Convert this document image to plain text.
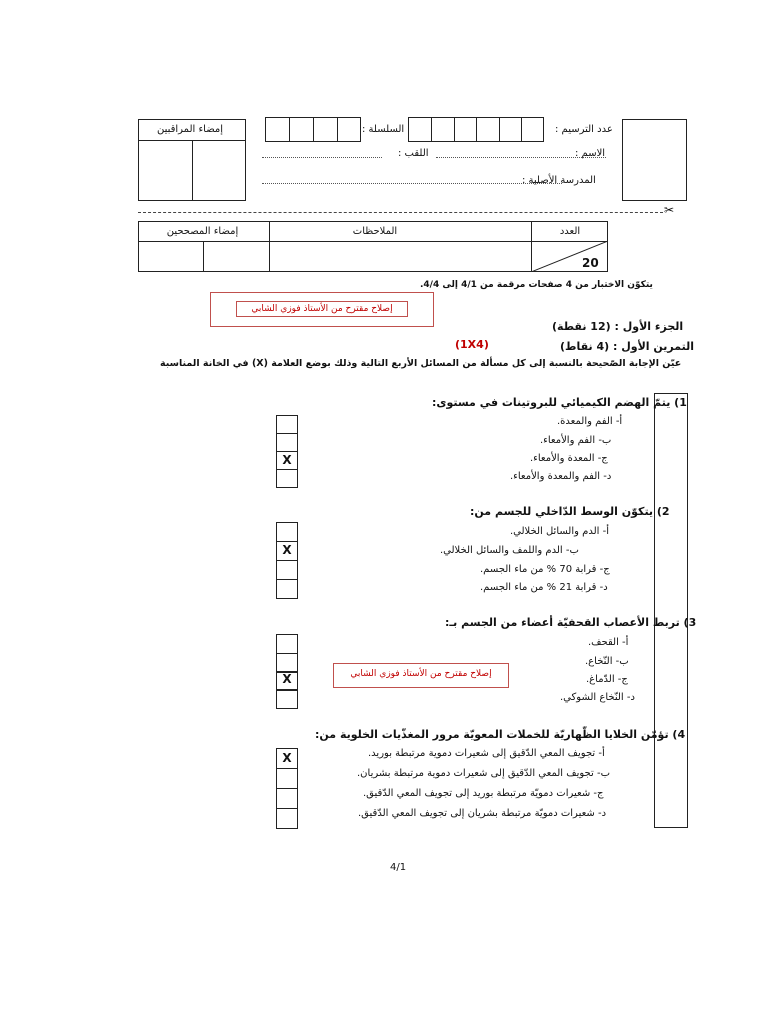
إمضاء المراقبين	السلسلة :	عدد الترسيم :
الاسم :
اللقب :
المدرسة الأصلية :
✂
إمضاء المصححين	الملاحظات	العدد
20
يتكوّن الاختبار من 4 صفحات مرقمة من 4/1 إلى 4/4.
إصلاح مقترح من الأستاذ فوزي الشابي
الجزء الأول : (12 نقطة)
التمرين الأول : (4 نقاط)
(1X4)
عيّن الإجابة الصّحيحة بالنسبة إلى كل مسألة من المسائل الأربع التالية وذلك بوضع العلامة (X) في الخانة المناسبة
1) يتمّ الهضم الكيميائي للبروتينات في مستوى:
أ- الفم والمعدة.
ب- الفم والأمعاء.
ج- المعدة والأمعاء.
د- الفم والمعدة والأمعاء.
X
2) يتكوّن الوسط الدّاخلي للجسم من:
أ- الدم والسائل الخلالي.
ب- الدم واللمف والسائل الخلالي.
ج- قرابة 70 % من ماء الجسم.
د- قرابة 21 % من ماء الجسم.
X
3) تربط الأعصاب القحفيّة أعضاء من الجسم بـ:
أ- القحف.
ب- النّخاع.
ج- الدّماغ.
د- النّخاع الشوكي.
X	إصلاح مقترح من الأستاذ فوزي الشابي
4) تؤمّن الخلايا الظّهاريّة للخملات المعويّة مرور المغذّيات الخلوية من:
أ- تجويف المعي الدّقيق إلى شعيرات دموية مرتبطة بوريد.
ب- تجويف المعي الدّقيق إلى شعيرات دموية مرتبطة بشريان.
ج- شعيرات دمويّة مرتبطة بوريد إلى تجويف المعي الدّقيق.
د- شعيرات دمويّة مرتبطة بشريان إلى تجويف المعي الدّقيق.
X
4/1
